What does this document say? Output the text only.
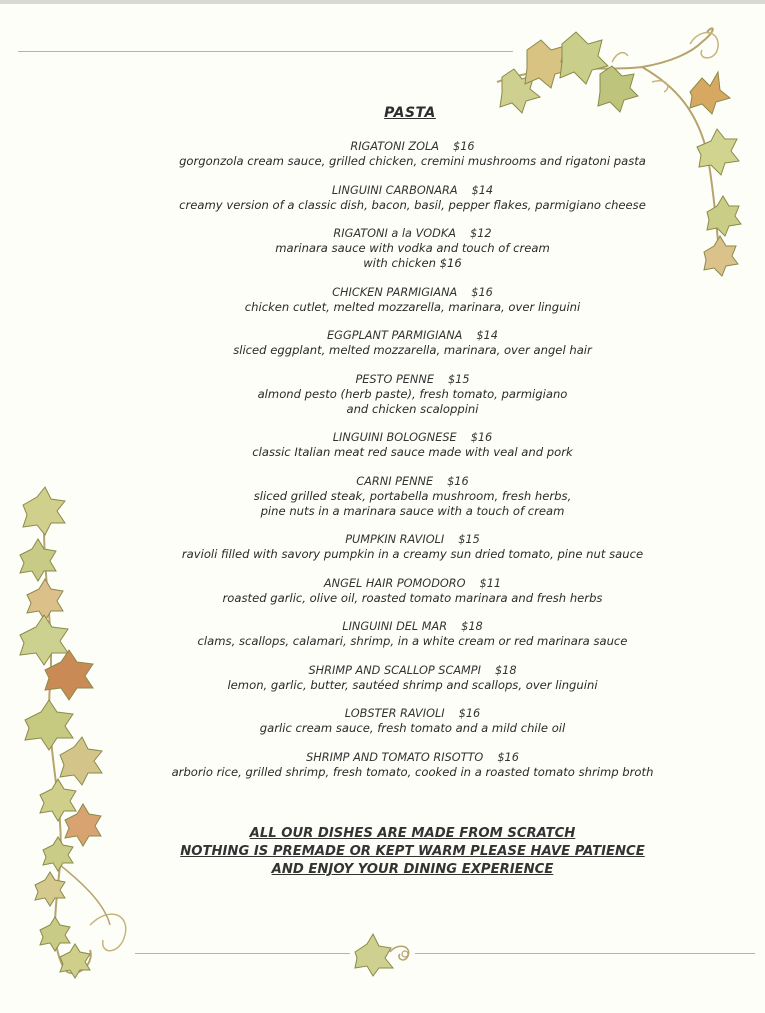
PASTA
RIGATONI ZOLA $16
gorgonzola cream sauce, grilled chicken, cremini mushrooms and rigatoni pasta
LINGUINI CARBONARA $14
creamy version of a classic dish, bacon, basil, pepper flakes, parmigiano cheese
RIGATONI a la VODKA $12
marinara sauce with vodka and touch of cream
with chicken $16
CHICKEN PARMIGIANA $16
chicken cutlet, melted mozzarella, marinara, over linguini
EGGPLANT PARMIGIANA $14
sliced eggplant, melted mozzarella, marinara, over angel hair
PESTO PENNE $15
almond pesto (herb paste), fresh tomato, parmigiano
and chicken scaloppini
LINGUINI BOLOGNESE $16
classic Italian meat red sauce made with veal and pork
CARNI PENNE $16
sliced grilled steak, portabella mushroom, fresh herbs,
pine nuts in a marinara sauce with a touch of cream
PUMPKIN RAVIOLI $15
ravioli filled with savory pumpkin in a creamy sun dried tomato, pine nut sauce
ANGEL HAIR POMODORO $11
roasted garlic, olive oil, roasted tomato marinara and fresh herbs
LINGUINI DEL MAR $18
clams, scallops, calamari, shrimp, in a white cream or red marinara sauce
SHRIMP AND SCALLOP SCAMPI $18
lemon, garlic, butter, sautéed shrimp and scallops, over linguini
LOBSTER RAVIOLI $16
garlic cream sauce, fresh tomato and a mild chile oil
SHRIMP AND TOMATO RISOTTO $16
arborio rice, grilled shrimp, fresh tomato, cooked in a roasted tomato shrimp broth
ALL OUR DISHES ARE MADE FROM SCRATCH
NOTHING IS PREMADE OR KEPT WARM PLEASE HAVE PATIENCE
AND ENJOY YOUR DINING EXPERIENCE
